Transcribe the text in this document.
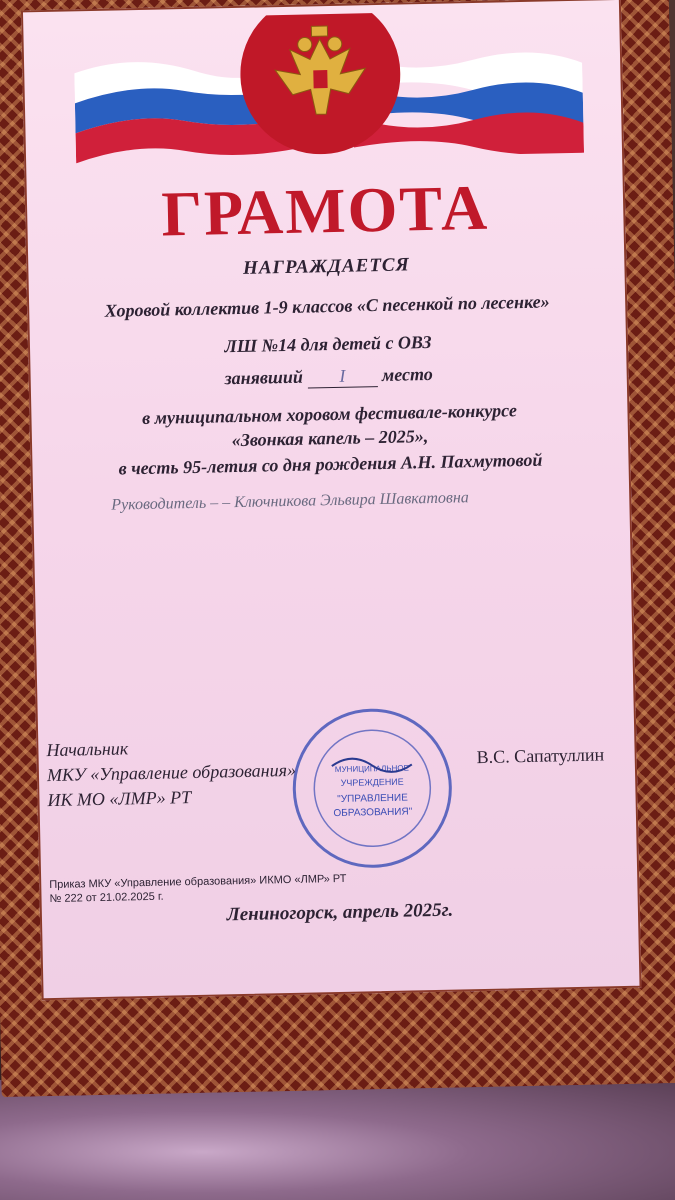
ГРАМОТА
НАГРАЖДАЕТСЯ
Хоровой коллектив 1-9 классов «С песенкой по лесенке»
ЛШ №14 для детей с ОВЗ
занявший I место
в муниципальном хоровом фестивале-конкурсе
«Звонкая капель – 2025»,
в честь 95-летия со дня рождения А.Н. Пахмутовой
Руководитель – – Ключникова Эльвира Шавкатовна
Начальник
МКУ «Управление образования»
ИК МО «ЛМР» РТ
МУНИЦИПАЛЬНОЕ
УЧРЕЖДЕНИЕ
"УПРАВЛЕНИЕ
ОБРАЗОВАНИЯ"
В.С. Сапатуллин
Приказ МКУ «Управление образования» ИКМО «ЛМР» РТ
№ 222 от 21.02.2025 г.
Лениногорск, апрель 2025г.
